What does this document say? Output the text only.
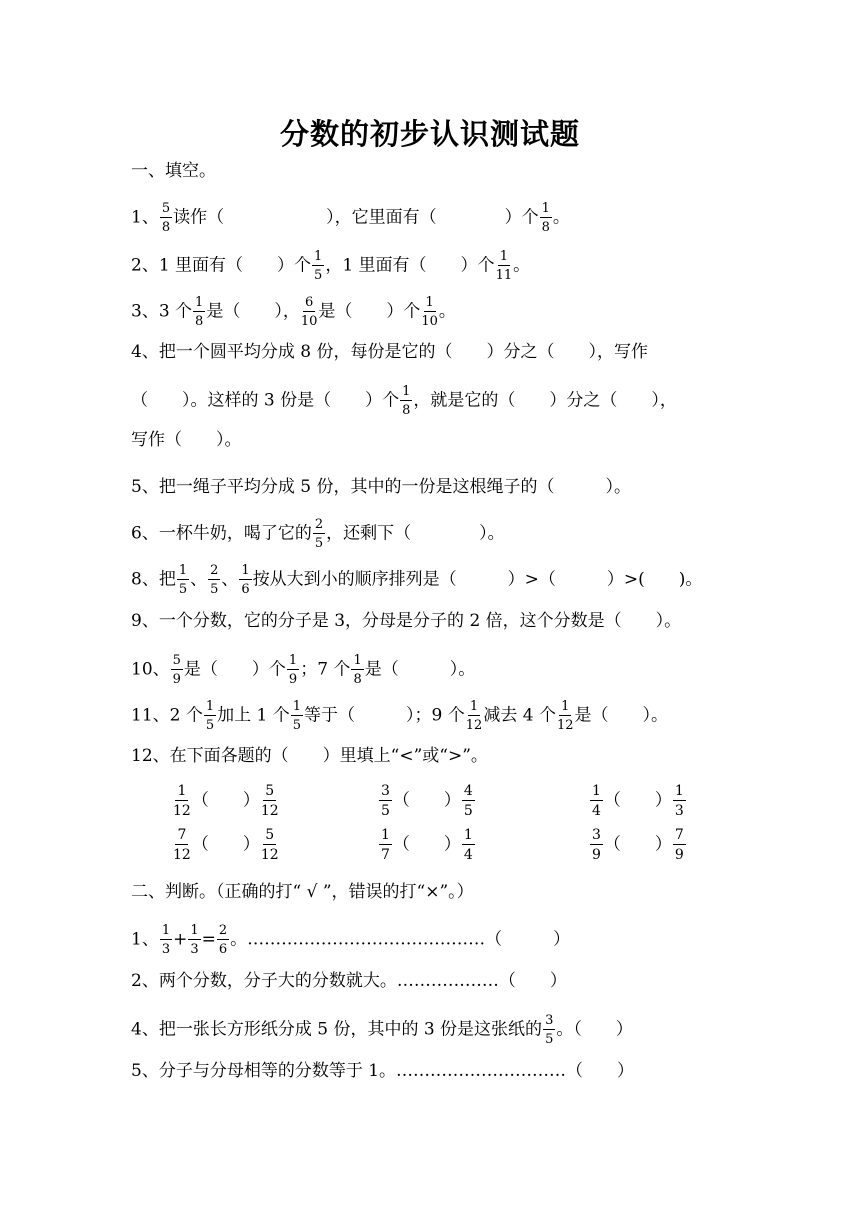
分数的初步认识测试题
一、填空。
1、 $\frac{5}{8}$ 读作（　　　　　　），它里面有（　　　　）个 $\frac{1}{8}$ 。
2、1 里面有（　　）个 $\frac{1}{5}$ ，1 里面有（　　）个 $\frac{1}{11}$ 。
3、3 个 $\frac{1}{8}$ 是（　　）， $\frac{6}{10}$ 是（　　）个 $\frac{1}{10}$ 。
4、把一个圆平均分成 8 份，每份是它的（　　）分之（　　），写作
（　　）。这样的 3 份是（　　）个 $\frac{1}{8}$ ，就是它的（　　）分之（　　），
写作（　　）。
5、把一绳子平均分成 5 份，其中的一份是这根绳子的（　　　）。
6、一杯牛奶，喝了它的 $\frac{2}{5}$ ，还剩下（　　　　）。
8、把 $\frac{1}{5}$ 、 $\frac{2}{5}$ 、 $\frac{1}{6}$ 按从大到小的顺序排列是（　　　）>（　　　）>(　　)。
9、一个分数，它的分子是 3，分母是分子的 2 倍，这个分数是（　　）。
10、 $\frac{5}{9}$ 是（　　）个 $\frac{1}{9}$ ；7 个 $\frac{1}{8}$ 是（　　　）。
11、2 个 $\frac{1}{5}$ 加上 1 个 $\frac{1}{5}$ 等于（　　　）；9 个 $\frac{1}{12}$ 减去 4 个 $\frac{1}{12}$ 是（　　）。
12、在下面各题的（　　）里填上“<”或“>”。
$\frac{1}{12}$ （　　） $\frac{5}{12}$	$\frac{3}{5}$ （　　） $\frac{4}{5}$	$\frac{1}{4}$ （　　） $\frac{1}{3}$
$\frac{7}{12}$ （　　） $\frac{5}{12}$	$\frac{1}{7}$ （　　） $\frac{1}{4}$	$\frac{3}{9}$ （　　） $\frac{7}{9}$
二、判断。（正确的打“ √ ”，错误的打“×”。）
1、 $\frac{1}{3} + \frac{1}{3} = \frac{2}{6}$ 。……………………………………（　　　）
2、两个分数，分子大的分数就大。………………（　　）
4、把一张长方形纸分成 5 份，其中的 3 份是这张纸的 $\frac{3}{5}$ 。（　　）
5、分子与分母相等的分数等于 1。…………………………（　　）
